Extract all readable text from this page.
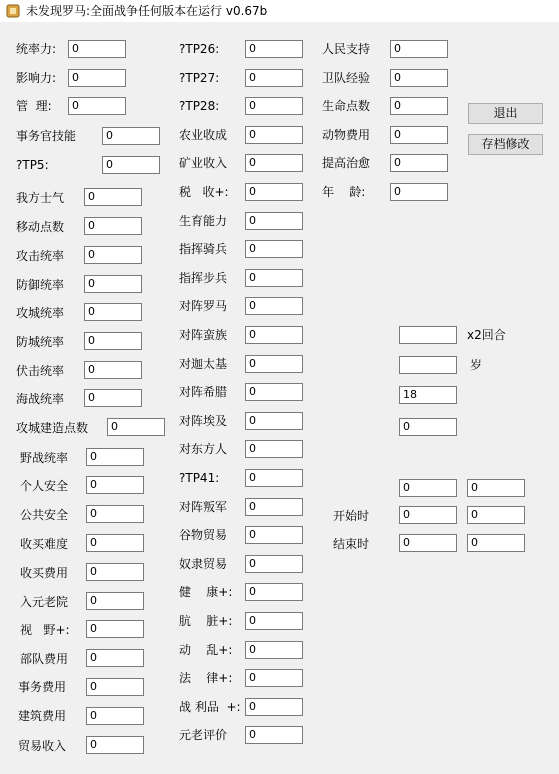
未发现罗马:全面战争任何版本在运行 v0.67b
统率力:	0
影响力:	0
管  理:	0
事务官技能	0
?TP5:	0
我方士气	0
移动点数	0
攻击统率	0
防御统率	0
攻城统率	0
防城统率	0
伏击统率	0
海战统率	0
攻城建造点数	0
野战统率	0
个人安全	0
公共安全	0
收买难度	0
收买费用	0
入元老院	0
视   野+:	0
部队费用	0
事务费用	0
建筑费用	0
贸易收入	0
?TP26:	0
?TP27:	0
?TP28:	0
农业收成	0
矿业收入	0
税   收+:	0
生育能力	0
指挥骑兵	0
指挥步兵	0
对阵罗马	0
对阵蛮族	0
对迦太基	0
对阵希腊	0
对阵埃及	0
对东方人	0
?TP41:	0
对阵叛军	0
谷物贸易	0
奴隶贸易	0
健    康+:	0
肮    脏+:	0
动    乱+:	0
法    律+:	0
战 利品  +: 0
元老评价	0
人民支持	0
卫队经验	0
生命点数	0
动物费用	0
提高治愈	0
年    龄:	0
退出
存档修改
x2回合
岁
18
0
0	0
开始时	0	0
结束时	0	0
